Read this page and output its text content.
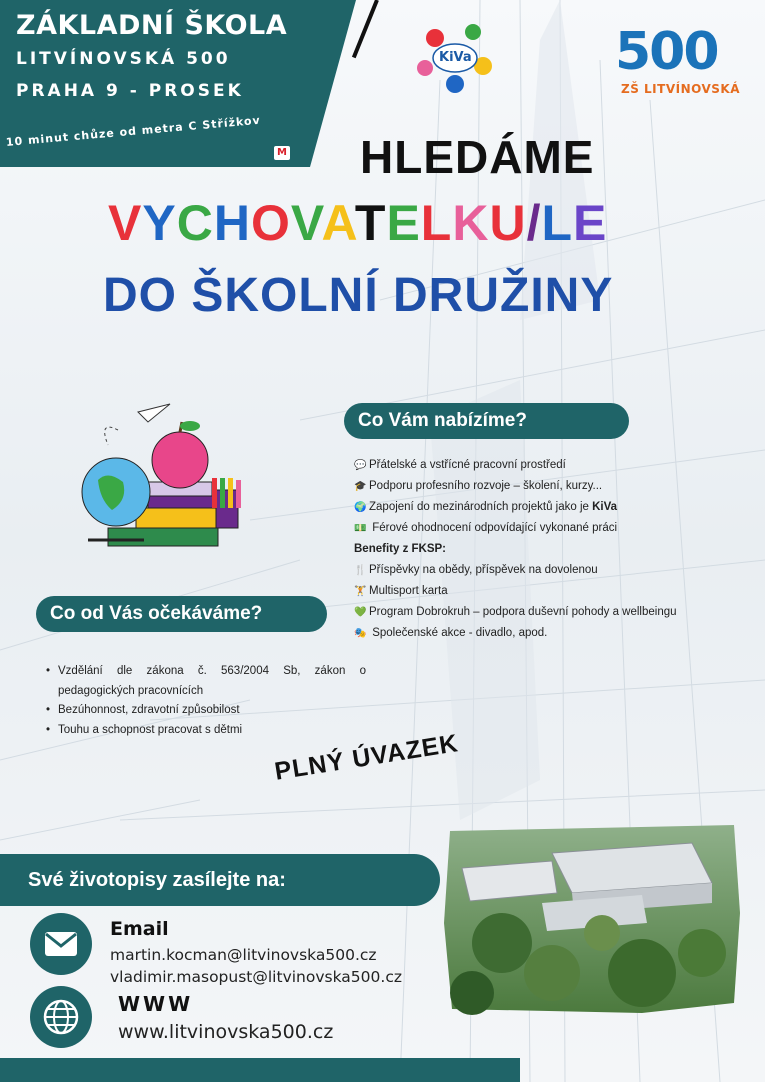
ZÁKLADNÍ ŠKOLA
LITVÍNOVSKÁ 500
PRAHA 9 - PROSEK
10 minut chůze od metra C Střížkov
M
KiVa	500
ZŠ LITVÍNOVSKÁ
HLEDÁME
VYCHOVATELKU/LE
DO ŠKOLNÍ DRUŽINY
Co Vám nabízíme?
💬 Přátelské a vstřícné pracovní prostředí
🎓 Podporu profesního rozvoje – školení, kurzy...
🌍 Zapojení do mezinárodních projektů jako je KiVa
💵 Férové ohodnocení odpovídající vykonané práci
Benefity z FKSP:
🍴 Příspěvky na obědy, příspěvek na dovolenou
🏋 Multisport karta
💚 Program Dobrokruh – podpora duševní pohody a wellbeingu
🎭 Společenské akce - divadlo, apod.
Co od Vás očekáváme?
• Vzdělání dle zákona č. 563/2004 Sb, zákon o pedagogických pracovnících
• Bezúhonnost, zdravotní způsobilost
• Touhu a schopnost pracovat s dětmi	PLNÝ ÚVAZEK
Své životopisy zasílejte na:
Email
martin.kocman@litvinovska500.cz
vladimir.masopust@litvinovska500.cz
WWW
www.litvinovska500.cz
